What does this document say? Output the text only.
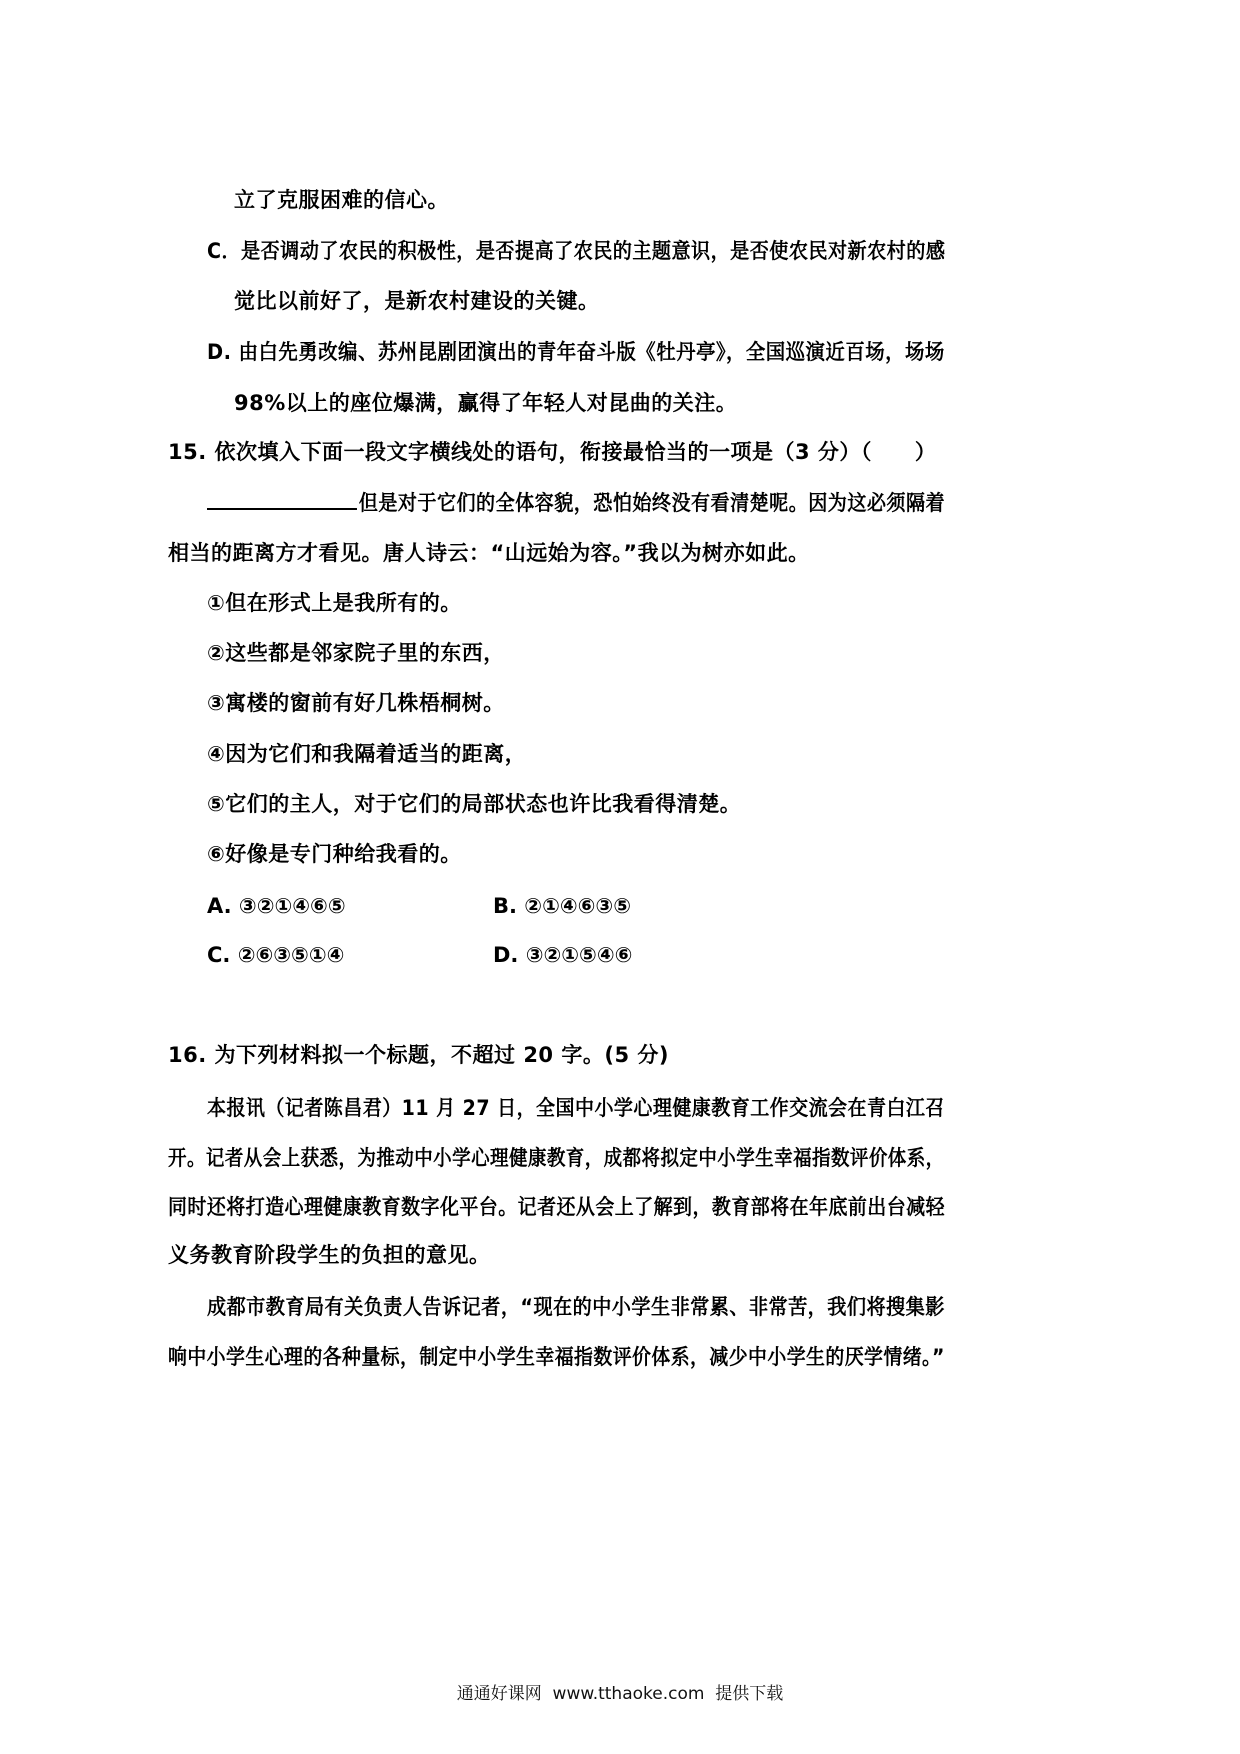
立了克服困难的信心。
C．是否调动了农民的积极性，是否提高了农民的主题意识，是否使农民对新农村的感
觉比以前好了，是新农村建设的关键。
D. 由白先勇改编、苏州昆剧团演出的青年奋斗版《牡丹亭》，全国巡演近百场，场场
98%以上的座位爆满，赢得了年轻人对昆曲的关注。
15. 依次填入下面一段文字横线处的语句，衔接最恰当的一项是（3 分）（　　）
但是对于它们的全体容貌，恐怕始终没有看清楚呢。因为这必须隔着
相当的距离方才看见。唐人诗云：“山远始为容。”我以为树亦如此。
①但在形式上是我所有的。
②这些都是邻家院子里的东西，
③寓楼的窗前有好几株梧桐树。
④因为它们和我隔着适当的距离，
⑤它们的主人，对于它们的局部状态也许比我看得清楚。
⑥好像是专门种给我看的。
A. ③②①④⑥⑤	B. ②①④⑥③⑤
C. ②⑥③⑤①④	D. ③②①⑤④⑥
16. 为下列材料拟一个标题，不超过 20 字。(5 分)
本报讯（记者陈昌君）11 月 27 日，全国中小学心理健康教育工作交流会在青白江召
开。记者从会上获悉，为推动中小学心理健康教育，成都将拟定中小学生幸福指数评价体系，
同时还将打造心理健康教育数字化平台。记者还从会上了解到，教育部将在年底前出台减轻
义务教育阶段学生的负担的意见。
成都市教育局有关负责人告诉记者，“现在的中小学生非常累、非常苦，我们将搜集影
响中小学生心理的各种量标，制定中小学生幸福指数评价体系，减少中小学生的厌学情绪。”
通通好课网  www.tthaoke.com  提供下载
